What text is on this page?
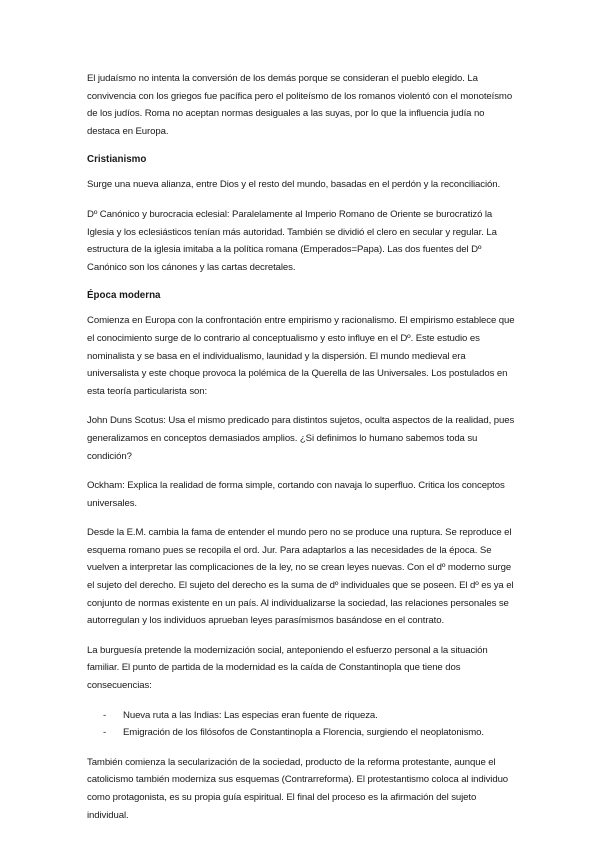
El judaísmo no intenta la conversión de los demás porque se consideran el pueblo elegido. La convivencia con los griegos fue pacífica pero el politeísmo de los romanos violentó con el monoteísmo de los judíos. Roma no aceptan normas desiguales a las suyas, por lo que la influencia judía no destaca en Europa.

Cristianismo

Surge una nueva alianza, entre Dios y el resto del mundo, basadas en el perdón y la reconciliación.

Dº Canónico y burocracia eclesial: Paralelamente al Imperio Romano de Oriente se burocratizó la Iglesia y los eclesiásticos tenían más autoridad. También se dividió el clero en secular y regular. La estructura de la iglesia imitaba a la política romana (Emperados=Papa). Las dos fuentes del Dº Canónico son los cánones y las cartas decretales.

Época moderna

Comienza en Europa con la confrontación entre empirismo y racionalismo. El empirismo establece que el conocimiento surge de lo contrario al conceptualismo y esto influye en el Dº. Este estudio es nominalista y se basa en el individualismo, launidad y la dispersión. El mundo medieval era universalista y este choque provoca la polémica de la Querella de las Universales. Los postulados en esta teoría particularista son:

John Duns Scotus: Usa el mismo predicado para distintos sujetos, oculta aspectos de la realidad, pues generalizamos en conceptos demasiados amplios. ¿Si definimos lo humano sabemos toda su condición?

Ockham: Explica la realidad de forma simple, cortando con navaja lo superfluo. Critica los conceptos universales.

Desde la E.M. cambia la fama de entender el mundo pero no se produce una ruptura. Se reproduce el esquema romano pues se recopila el ord. Jur. Para adaptarlos a las necesidades de la época. Se vuelven a interpretar las complicaciones de la ley, no se crean leyes nuevas. Con el dº moderno surge el sujeto del derecho. El sujeto del derecho es la suma de dº individuales que se poseen. El dº es ya el conjunto de normas existente en un país. Al individualizarse la sociedad, las relaciones personales se autorregulan y los individuos aprueban leyes parasímismos basándose en el contrato.

La burguesía pretende la modernización social, anteponiendo el esfuerzo personal a la situación familiar. El punto de partida de la modernidad es la caída de Constantinopla que tiene dos consecuencias:

- Nueva ruta a las Indias: Las especias eran fuente de riqueza.
- Emigración de los filósofos de Constantinopla a Florencia, surgiendo el neoplatonismo.

También comienza la secularización de la sociedad, producto de la reforma protestante, aunque el catolicismo también moderniza sus esquemas (Contrarreforma). El protestantismo coloca al individuo como protagonista, es su propia guía espiritual. El final del proceso es la afirmación del sujeto individual.
